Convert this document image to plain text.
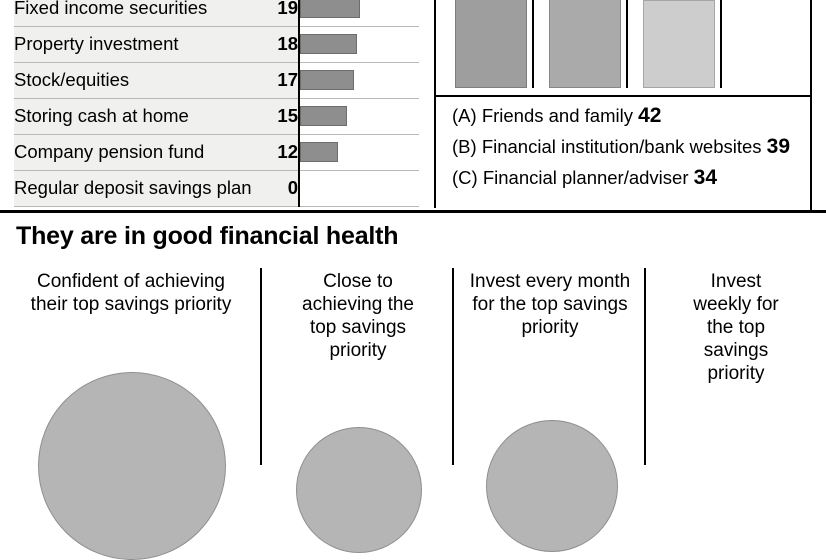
Fixed income securities	19	

Property investment	18	

Stock/equities	17	

Storing cash at home	15	

Company pension fund	12	

Regular deposit savings plan	0	
(A) Friends and family 42
(B) Financial institution/bank websites 39
(C) Financial planner/adviser 34
They are in good financial health
Confident of achieving their top savings priority
Close to achieving the top savings priority
Invest every month for the top savings priority
Invest weekly for the top savings priority
